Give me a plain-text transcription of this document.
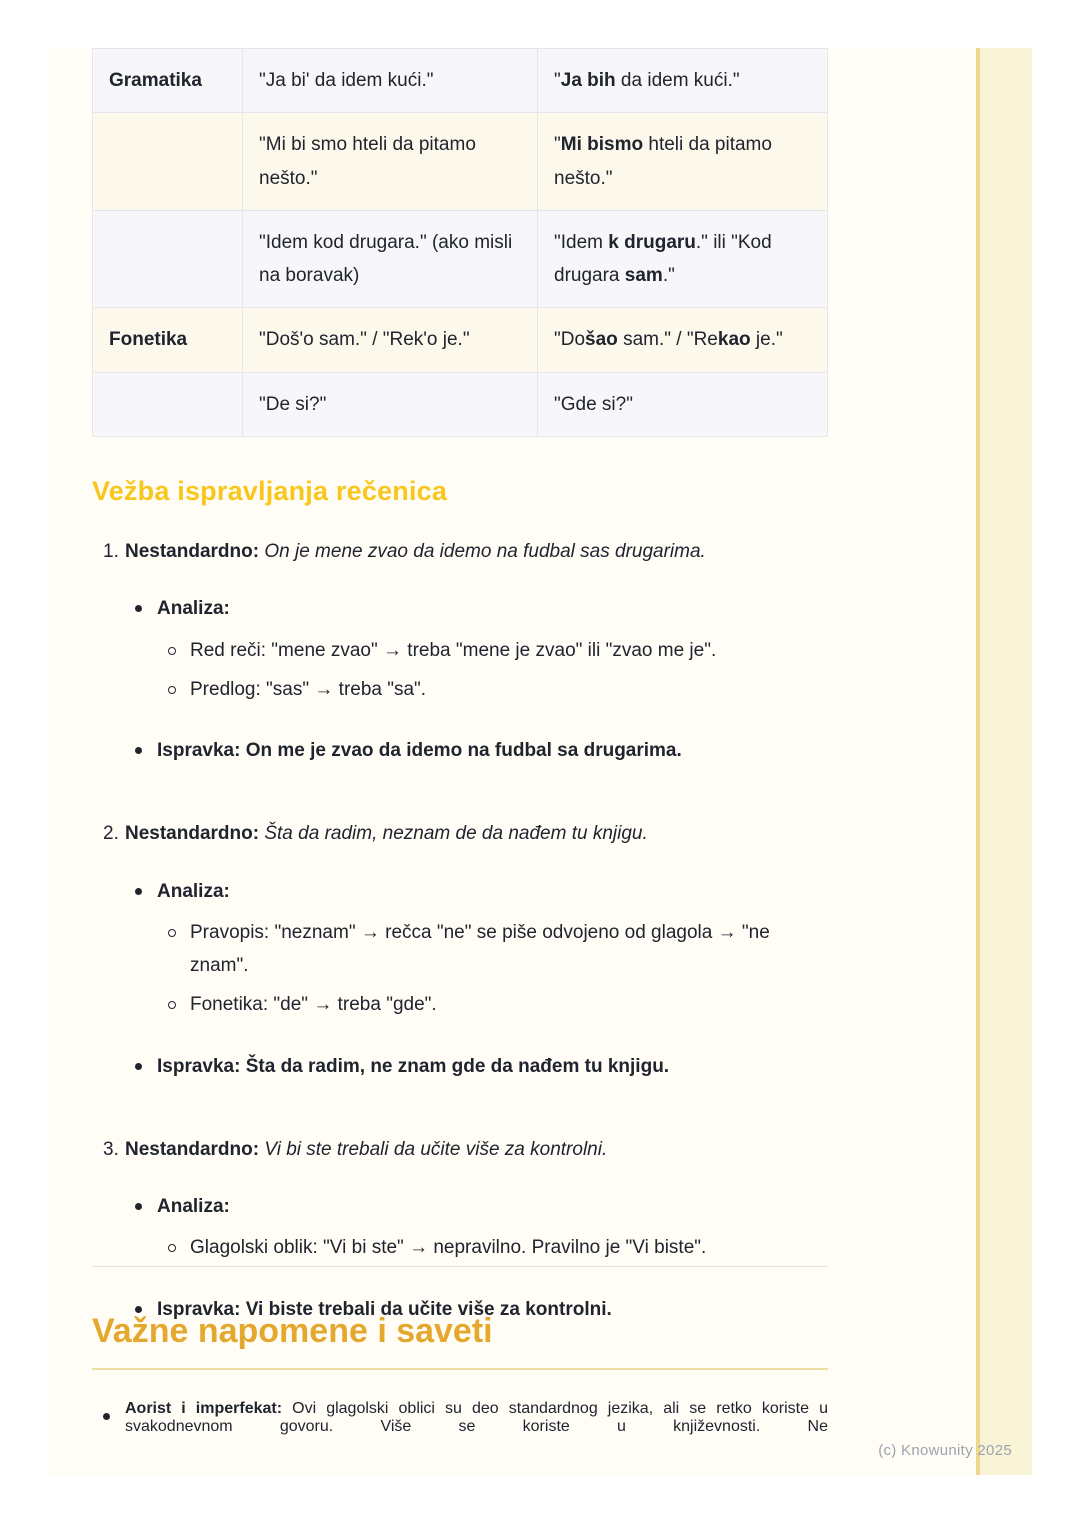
Gramatika	"Ja bi' da idem kući."	"Ja bih da idem kući."
	"Mi bi smo hteli da pitamo nešto."	"Mi bismo hteli da pitamo nešto."
	"Idem kod drugara." (ako misli na boravak)	"Idem k drugaru." ili "Kod drugara sam."
Fonetika	"Doš'o sam." / "Rek'o je."	"Došao sam." / "Rekao je."
	"De si?"	"Gde si?"
Vežba ispravljanja rečenica
1. Nestandardno: On je mene zvao da idemo na fudbal sas drugarima.

Analiza:

Red reči: "mene zvao" → treba "mene je zvao" ili "zvao me je".

Predlog: "sas" → treba "sa".

Ispravka: On me je zvao da idemo na fudbal sa drugarima.

2. Nestandardno: Šta da radim, neznam de da nađem tu knjigu.

Analiza:

Pravopis: "neznam" → rečca "ne" se piše odvojeno od glagola → "ne znam".

Fonetika: "de" → treba "gde".

Ispravka: Šta da radim, ne znam gde da nađem tu knjigu.

3. Nestandardno: Vi bi ste trebali da učite više za kontrolni.

Analiza:

Glagolski oblik: "Vi bi ste" → nepravilno. Pravilno je "Vi biste".

Ispravka: Vi biste trebali da učite više za kontrolni.

Važne napomene i saveti

Aorist i imperfekat: Ovi glagolski oblici su deo standardnog jezika, ali se retko koriste u svakodnevnom govoru. Više se koriste u književnosti. Ne

(c) Knowunity 2025
